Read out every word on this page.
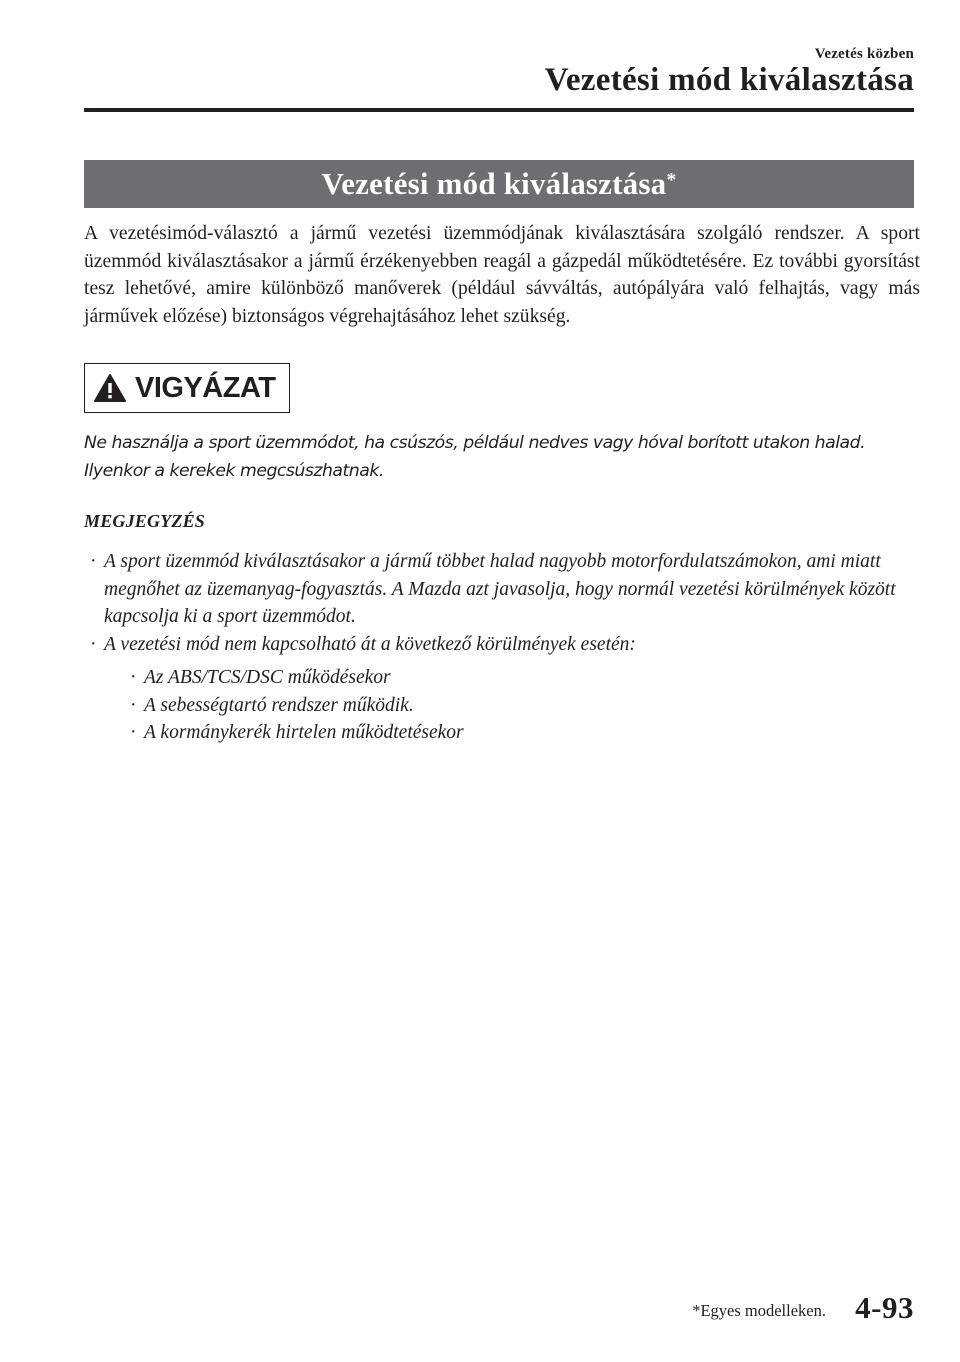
Vezetés közben
Vezetési mód kiválasztása
Vezetési mód kiválasztása*

A vezetésimód-választó a jármű vezetési üzemmódjának kiválasztására szolgáló rendszer. A sport üzemmód kiválasztásakor a jármű érzékenyebben reagál a gázpedál működtetésére. Ez további gyorsítást tesz lehetővé, amire különböző manőverek (például sávváltás, autópályára való felhajtás, vagy más járművek előzése) biztonságos végrehajtásához lehet szükség.

VIGYÁZAT

Ne használja a sport üzemmódot, ha csúszós, például nedves vagy hóval borított utakon halad. Ilyenkor a kerekek megcsúszhatnak.

MEGJEGYZÉS
· A sport üzemmód kiválasztásakor a jármű többet halad nagyobb motorfordulatszámokon, ami miatt megnőhet az üzemanyag-fogyasztás. A Mazda azt javasolja, hogy normál vezetési körülmények között kapcsolja ki a sport üzemmódot.
· A vezetési mód nem kapcsolható át a következő körülmények esetén:
· Az ABS/TCS/DSC működésekor
· A sebességtartó rendszer működik.
· A kormánykerék hirtelen működtetésekor
*Egyes modelleken. 4-93
